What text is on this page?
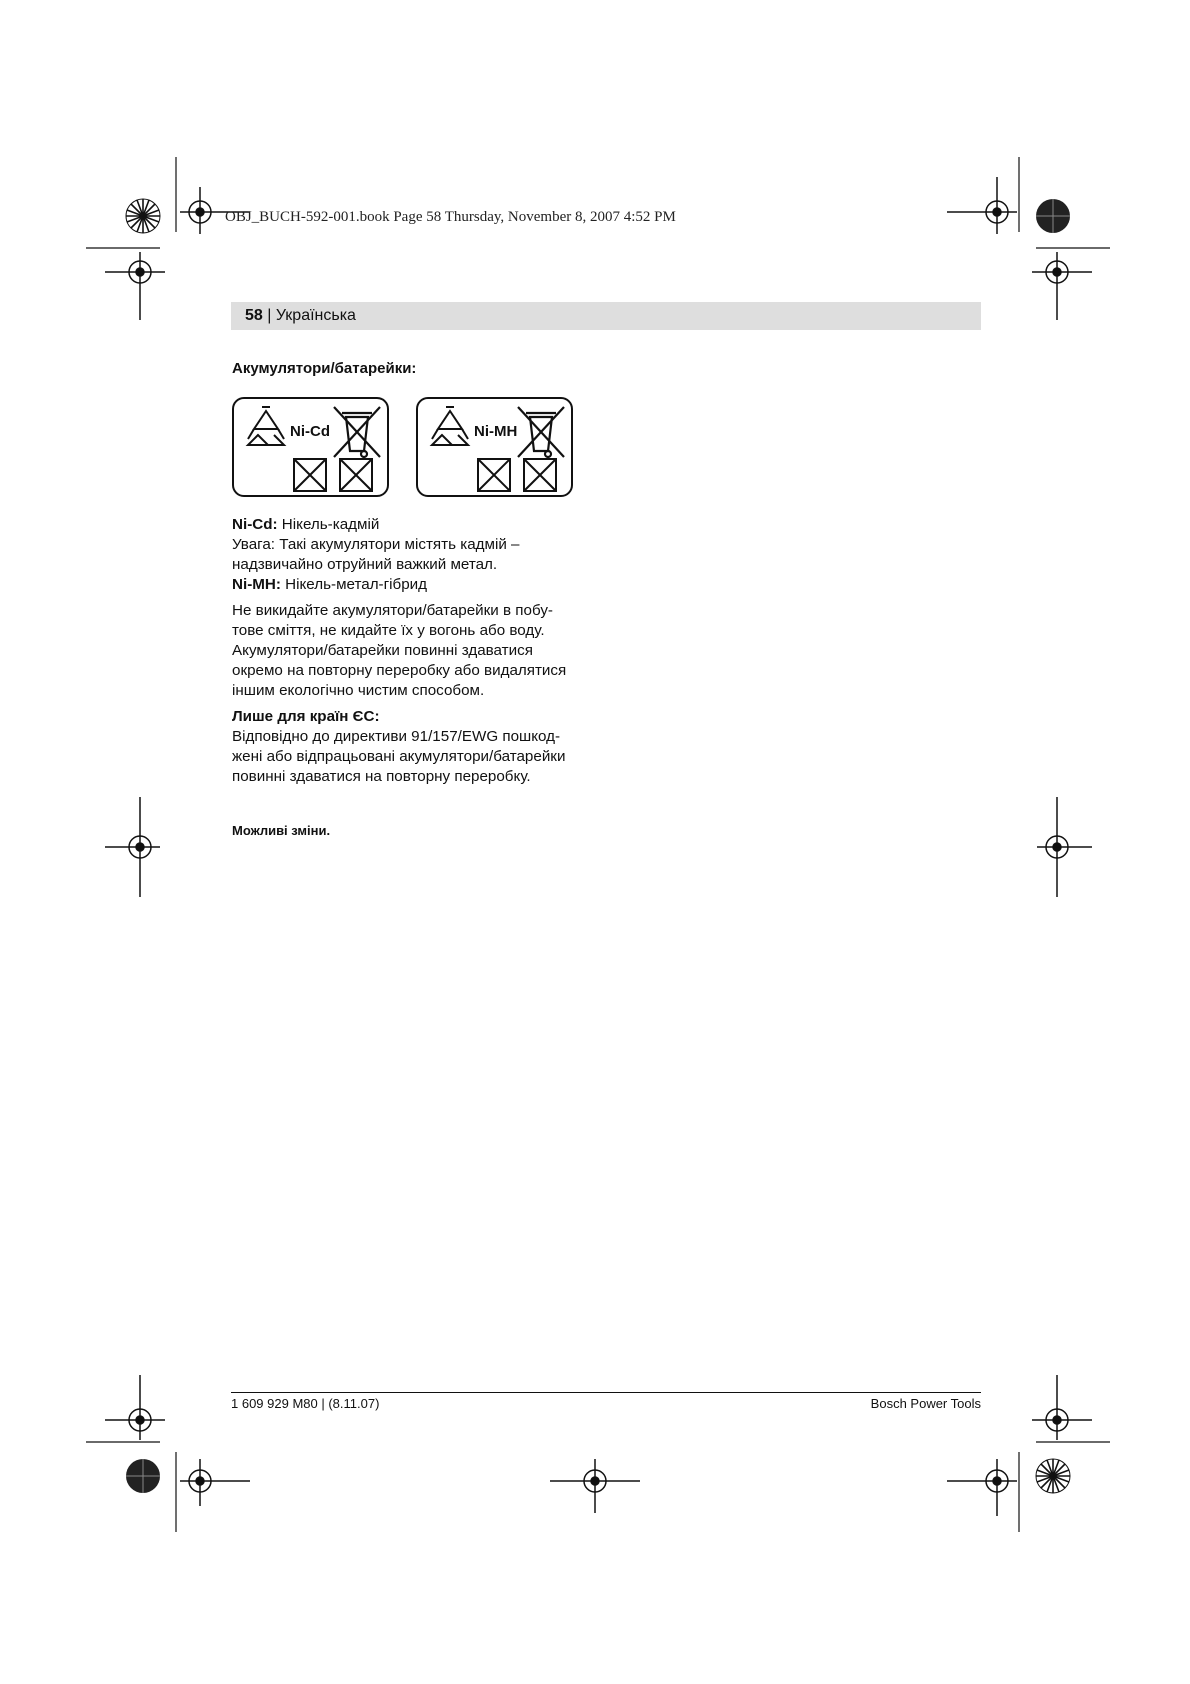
OBJ_BUCH-592-001.book Page 58 Thursday, November 8, 2007 4:52 PM
58 | Українська
Акумулятори/батарейки:
Ni-Cd	Ni-MH

Ni-Cd: Нікель-кадмій

Увага: Такі акумулятори містять кадмій –

надзвичайно отруйний важкий метал.

Ni-MH: Нікель-метал-гібрид

Не викидайте акумулятори/батарейки в побу-

тове сміття, не кидайте їх у вогонь або воду.

Акумулятори/батарейки повинні здаватися

окремо на повторну переробку або видалятися

іншим екологічно чистим способом.

Лише для країн ЄС:

Відповідно до директиви 91/157/EWG пошкод-

жені або відпрацьовані акумулятори/батарейки

повинні здаватися на повторну переробку.

Можливі зміни.
1 609 929 M80 | (8.11.07)	Bosch Power Tools
